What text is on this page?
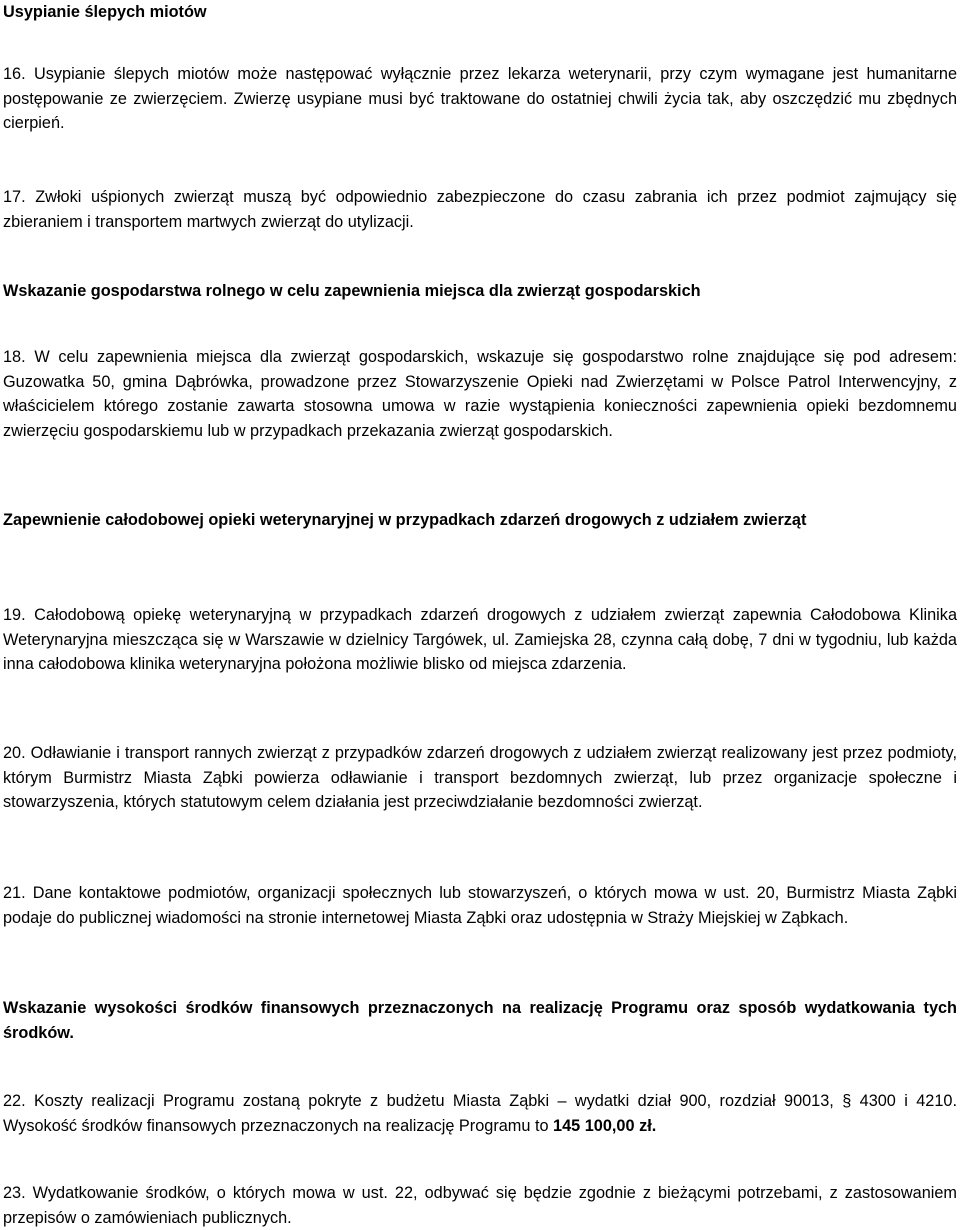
Usypianie ślepych miotów

16. Usypianie ślepych miotów może następować wyłącznie przez lekarza weterynarii, przy czym wymagane jest humanitarne postępowanie ze zwierzęciem. Zwierzę usypiane musi być traktowane do ostatniej chwili życia tak, aby oszczędzić mu zbędnych cierpień.

17. Zwłoki uśpionych zwierząt muszą być odpowiednio zabezpieczone do czasu zabrania ich przez podmiot zajmujący się zbieraniem i transportem martwych zwierząt do utylizacji.

Wskazanie gospodarstwa rolnego w celu zapewnienia miejsca dla zwierząt gospodarskich

18. W celu zapewnienia miejsca dla zwierząt gospodarskich, wskazuje się gospodarstwo rolne znajdujące się pod adresem: Guzowatka 50, gmina Dąbrówka, prowadzone przez Stowarzyszenie Opieki nad Zwierzętami w Polsce Patrol Interwencyjny, z właścicielem którego zostanie zawarta stosowna umowa w razie wystąpienia konieczności zapewnienia opieki bezdomnemu zwierzęciu gospodarskiemu lub w przypadkach przekazania zwierząt gospodarskich.

Zapewnienie całodobowej opieki weterynaryjnej w przypadkach zdarzeń drogowych z udziałem zwierząt

19. Całodobową opiekę weterynaryjną w przypadkach zdarzeń drogowych z udziałem zwierząt zapewnia Całodobowa Klinika Weterynaryjna mieszcząca się w Warszawie w dzielnicy Targówek, ul. Zamiejska 28, czynna całą dobę, 7 dni w tygodniu, lub każda inna całodobowa klinika weterynaryjna położona możliwie blisko od miejsca zdarzenia.

20. Odławianie i transport rannych zwierząt z przypadków zdarzeń drogowych z udziałem zwierząt realizowany jest przez podmioty, którym Burmistrz Miasta Ząbki powierza odławianie i transport bezdomnych zwierząt, lub przez organizacje społeczne i stowarzyszenia, których statutowym celem działania jest przeciwdziałanie bezdomności zwierząt.

21. Dane kontaktowe podmiotów, organizacji społecznych lub stowarzyszeń, o których mowa w ust. 20, Burmistrz Miasta Ząbki podaje do publicznej wiadomości na stronie internetowej Miasta Ząbki oraz udostępnia w Straży Miejskiej w Ząbkach.

Wskazanie wysokości środków finansowych przeznaczonych na realizację Programu oraz sposób wydatkowania tych środków.

22. Koszty realizacji Programu zostaną pokryte z budżetu Miasta Ząbki – wydatki dział 900, rozdział 90013, § 4300 i 4210. Wysokość środków finansowych przeznaczonych na realizację Programu to 145 100,00 zł.

23. Wydatkowanie środków, o których mowa w ust. 22, odbywać się będzie zgodnie z bieżącymi potrzebami, z zastosowaniem przepisów o zamówieniach publicznych.
